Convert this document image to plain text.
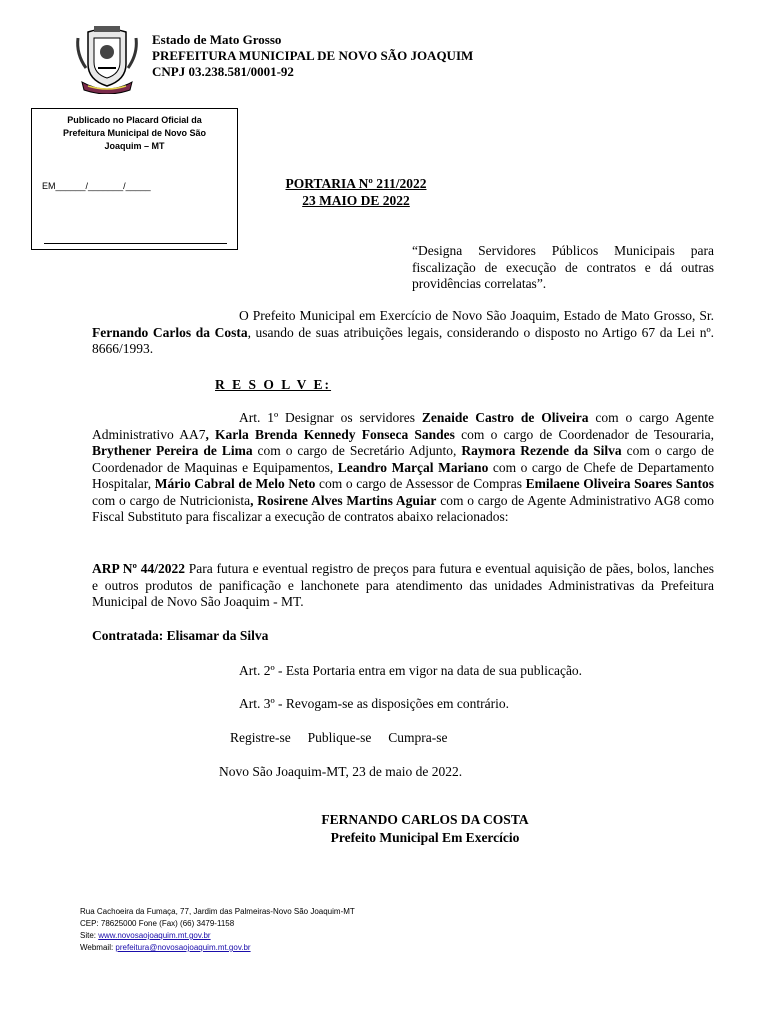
Estado de Mato Grosso
PREFEITURA MUNICIPAL DE NOVO SÃO JOAQUIM
CNPJ 03.238.581/0001-92
Publicado no Placard Oficial da
Prefeitura Municipal de Novo São
Joaquim – MT
EM______/_______/_____	PORTARIA Nº 211/2022
23 MAIO DE 2022
“Designa Servidores Públicos Municipais para fiscalização de execução de contratos e dá outras providências correlatas”.
O Prefeito Municipal em Exercício de Novo São Joaquim, Estado de Mato Grosso, Sr. Fernando Carlos da Costa, usando de suas atribuições legais, considerando o disposto no Artigo 67 da Lei nº. 8666/1993.
R E S O L V E:
Art. 1º Designar os servidores Zenaide Castro de Oliveira com o cargo Agente Administrativo AA7, Karla Brenda Kennedy Fonseca Sandes com o cargo de Coordenador de Tesouraria, Brythener Pereira de Lima com o cargo de Secretário Adjunto, Raymora Rezende da Silva com o cargo de Coordenador de Maquinas e Equipamentos, Leandro Marçal Mariano com o cargo de Chefe de Departamento Hospitalar, Mário Cabral de Melo Neto com o cargo de Assessor de Compras Emilaene Oliveira Soares Santos com o cargo de Nutricionista, Rosirene Alves Martins Aguiar com o cargo de Agente Administrativo AG8 como Fiscal Substituto para fiscalizar a execução de contratos abaixo relacionados:
ARP Nº 44/2022 Para futura e eventual registro de preços para futura e eventual aquisição de pães, bolos, lanches e outros produtos de panificação e lanchonete para atendimento das unidades Administrativas da Prefeitura Municipal de Novo São Joaquim - MT.
Contratada: Elisamar da Silva
Art. 2º - Esta Portaria entra em vigor na data de sua publicação.
Art. 3º - Revogam-se as disposições em contrário.
Registre-se     Publique-se     Cumpra-se
Novo São Joaquim-MT, 23 de maio de 2022.
FERNANDO CARLOS DA COSTA
Prefeito Municipal Em Exercício
Rua Cachoeira da Fumaça, 77, Jardim das Palmeiras-Novo São Joaquim-MT
CEP: 78625000 Fone (Fax) (66) 3479-1158
Site: www.novosaojoaquim.mt.gov.br
Webmail: prefeitura@novosaojoaquim.mt.gov.br
